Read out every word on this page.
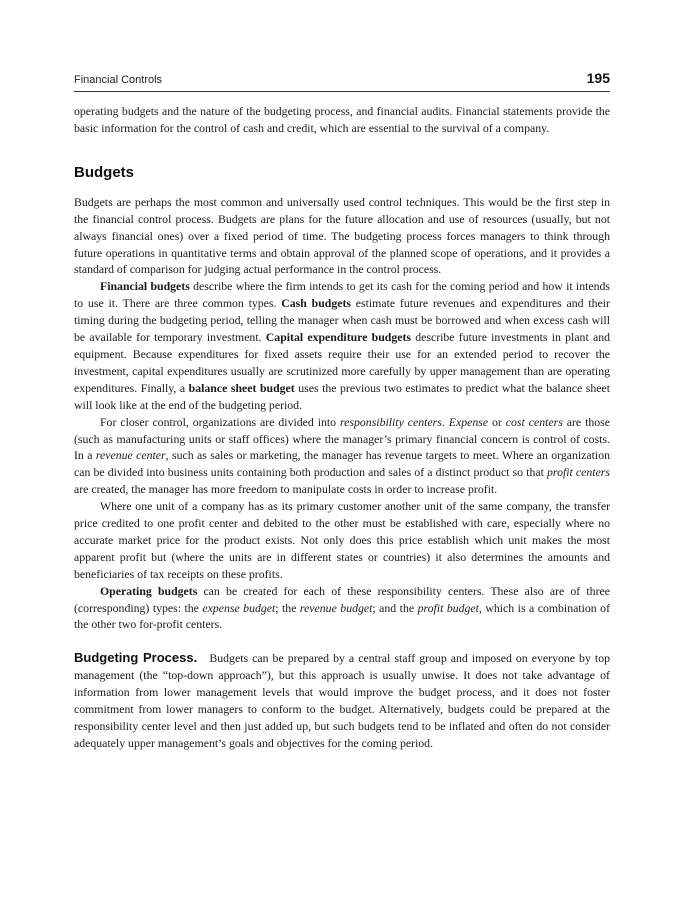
Financial Controls	195

operating budgets and the nature of the budgeting process, and financial audits. Financial statements provide the basic information for the control of cash and credit, which are essential to the survival of a company.

Budgets

Budgets are perhaps the most common and universally used control techniques. This would be the first step in the financial control process. Budgets are plans for the future allocation and use of resources (usually, but not always financial ones) over a fixed period of time. The budgeting process forces managers to think through future operations in quantitative terms and obtain approval of the planned scope of operations, and it provides a standard of comparison for judging actual performance in the control process.

Financial budgets describe where the firm intends to get its cash for the coming period and how it intends to use it. There are three common types. Cash budgets estimate future revenues and expenditures and their timing during the budgeting period, telling the manager when cash must be borrowed and when excess cash will be available for temporary investment. Capital expenditure budgets describe future investments in plant and equipment. Because expenditures for fixed assets require their use for an extended period to recover the investment, capital expenditures usually are scrutinized more carefully by upper management than are operating expenditures. Finally, a balance sheet budget uses the previous two estimates to predict what the balance sheet will look like at the end of the budgeting period.

For closer control, organizations are divided into responsibility centers. Expense or cost centers are those (such as manufacturing units or staff offices) where the manager’s primary financial concern is control of costs. In a revenue center, such as sales or marketing, the manager has revenue targets to meet. Where an organization can be divided into business units containing both production and sales of a distinct product so that profit centers are created, the manager has more freedom to manipulate costs in order to increase profit.

Where one unit of a company has as its primary customer another unit of the same company, the transfer price credited to one profit center and debited to the other must be established with care, especially where no accurate market price for the product exists. Not only does this price establish which unit makes the most apparent profit but (where the units are in different states or countries) it also determines the amounts and beneficiaries of tax receipts on these profits.

Operating budgets can be created for each of these responsibility centers. These also are of three (corresponding) types: the expense budget; the revenue budget; and the profit budget, which is a combination of the other two for-profit centers.

Budgeting Process. Budgets can be prepared by a central staff group and imposed on everyone by top management (the “top-down approach”), but this approach is usually unwise. It does not take advantage of information from lower management levels that would improve the budget process, and it does not foster commitment from lower managers to conform to the budget. Alternatively, budgets could be prepared at the responsibility center level and then just added up, but such budgets tend to be inflated and often do not consider adequately upper management’s goals and objectives for the coming period.
